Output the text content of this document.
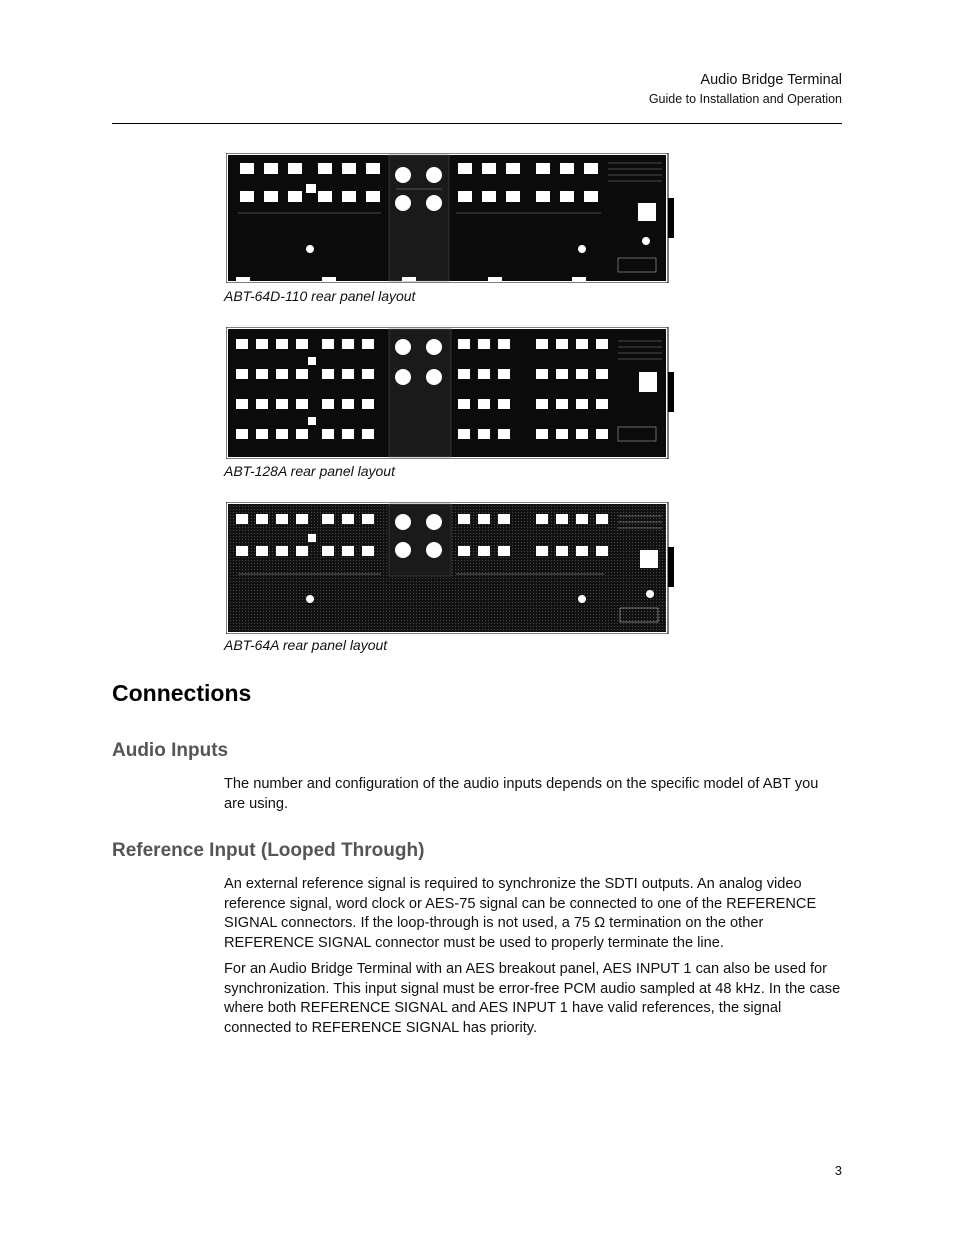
Audio Bridge Terminal
Guide to Installation and Operation
ABT-64D-110 rear panel layout
ABT-128A rear panel layout
ABT-64A rear panel layout
Connections
Audio Inputs

The number and configuration of the audio inputs depends on the specific model of ABT you are using.

Reference Input (Looped Through)

An external reference signal is required to synchronize the SDTI outputs. An analog video reference signal, word clock or AES-75 signal can be connected to one of the REFERENCE SIGNAL connectors. If the loop-through is not used, a 75 Ω termination on the other REFERENCE SIGNAL connector must be used to properly terminate the line.

For an Audio Bridge Terminal with an AES breakout panel, AES INPUT 1 can also be used for synchronization. This input signal must be error-free PCM audio sampled at 48 kHz. In the case where both REFERENCE SIGNAL and AES INPUT 1 have valid references, the signal connected to REFERENCE SIGNAL has priority.

3
